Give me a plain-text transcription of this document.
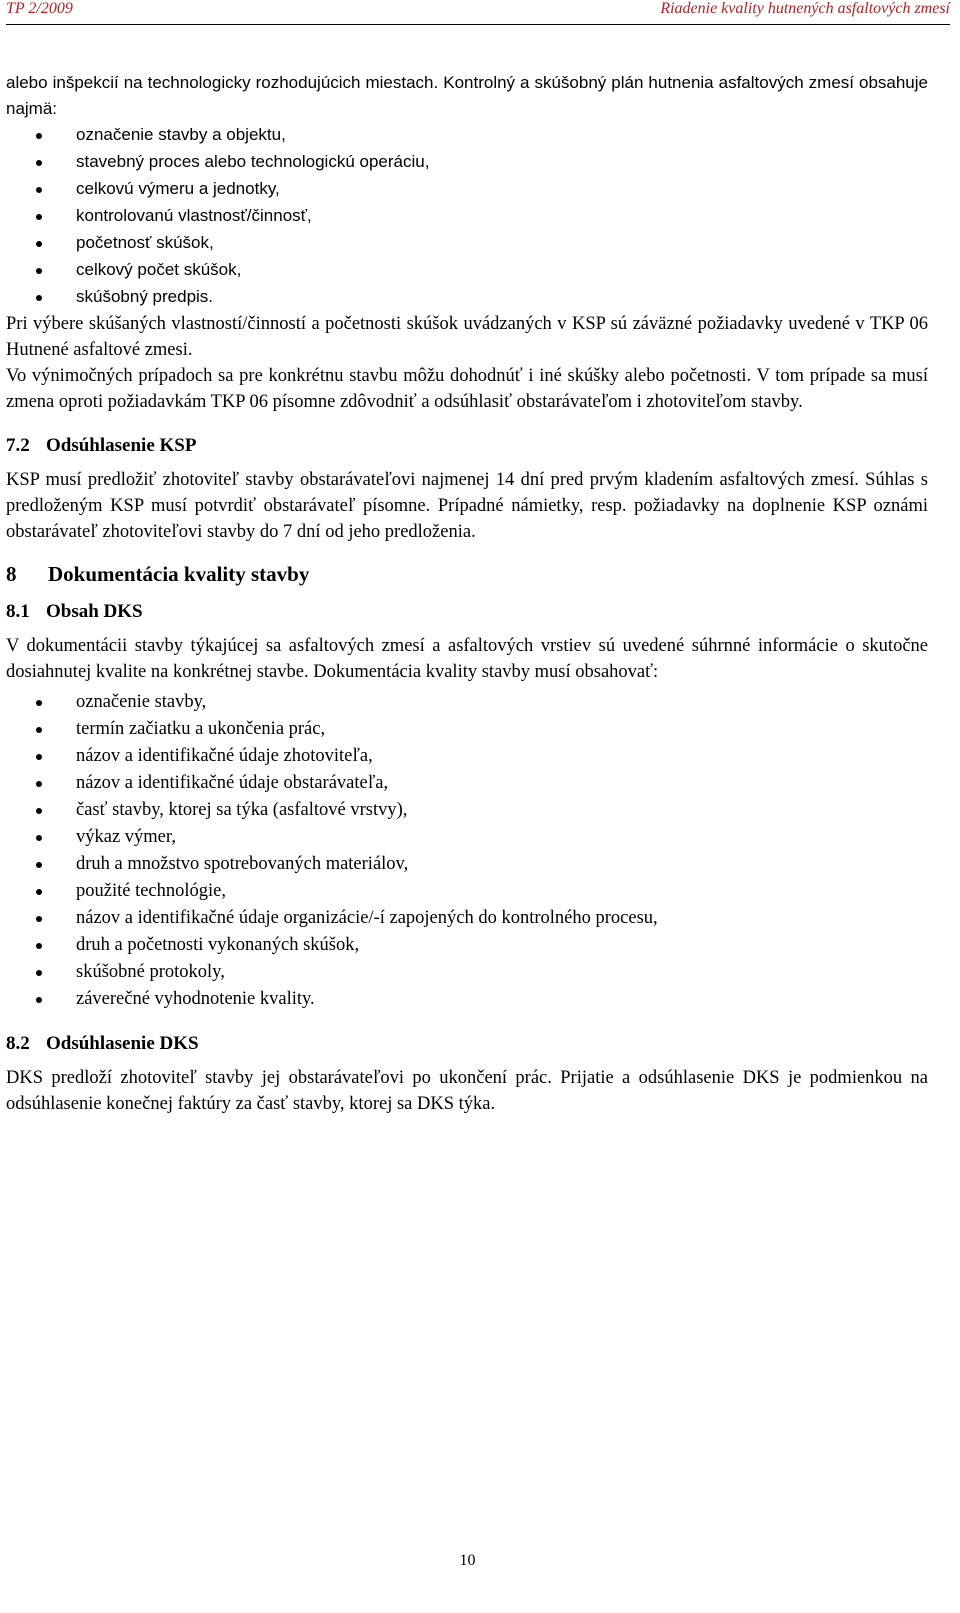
TP 2/2009	Riadenie kvality hutnených asfaltových zmesí

alebo inšpekcií na technologicky rozhodujúcich miestach. Kontrolný a skúšobný plán hutnenia asfaltových zmesí obsahuje najmä:

označenie stavby a objektu,
stavebný proces alebo technologickú operáciu,
celkovú výmeru a jednotky,
kontrolovanú vlastnosť/činnosť,
početnosť skúšok,
celkový počet skúšok,
skúšobný predpis.

Pri výbere skúšaných vlastností/činností a početnosti skúšok uvádzaných v KSP sú záväzné požiadavky uvedené v TKP 06 Hutnené asfaltové zmesi.

Vo výnimočných prípadoch sa pre konkrétnu stavbu môžu dohodnúť i iné skúšky alebo početnosti. V tom prípade sa musí zmena oproti požiadavkám TKP 06 písomne zdôvodniť a odsúhlasiť obstarávateľom i zhotoviteľom stavby.

7.2 Odsúhlasenie KSP

KSP musí predložiť zhotoviteľ stavby obstarávateľovi najmenej 14 dní pred prvým kladením asfaltových zmesí. Súhlas s predloženým KSP musí potvrdiť obstarávateľ písomne. Prípadné námietky, resp. požiadavky na doplnenie KSP oznámi obstarávateľ zhotoviteľovi stavby do 7 dní od jeho predloženia.

8 Dokumentácia kvality stavby
8.1 Obsah DKS

V dokumentácii stavby týkajúcej sa asfaltových zmesí a asfaltových vrstiev sú uvedené súhrnné informácie o skutočne dosiahnutej kvalite na konkrétnej stavbe. Dokumentácia kvality stavby musí obsahovať:

označenie stavby,
termín začiatku a ukončenia prác,
názov a identifikačné údaje zhotoviteľa,
názov a identifikačné údaje obstarávateľa,
časť stavby, ktorej sa týka (asfaltové vrstvy),
výkaz výmer,
druh a množstvo spotrebovaných materiálov,
použité technológie,
názov a identifikačné údaje organizácie/-í zapojených do kontrolného procesu,
druh a početnosti vykonaných skúšok,
skúšobné protokoly,
záverečné vyhodnotenie kvality.
8.2 Odsúhlasenie DKS

DKS predloží zhotoviteľ stavby jej obstarávateľovi po ukončení prác. Prijatie a odsúhlasenie DKS je podmienkou na odsúhlasenie konečnej faktúry za časť stavby, ktorej sa DKS týka.

10
